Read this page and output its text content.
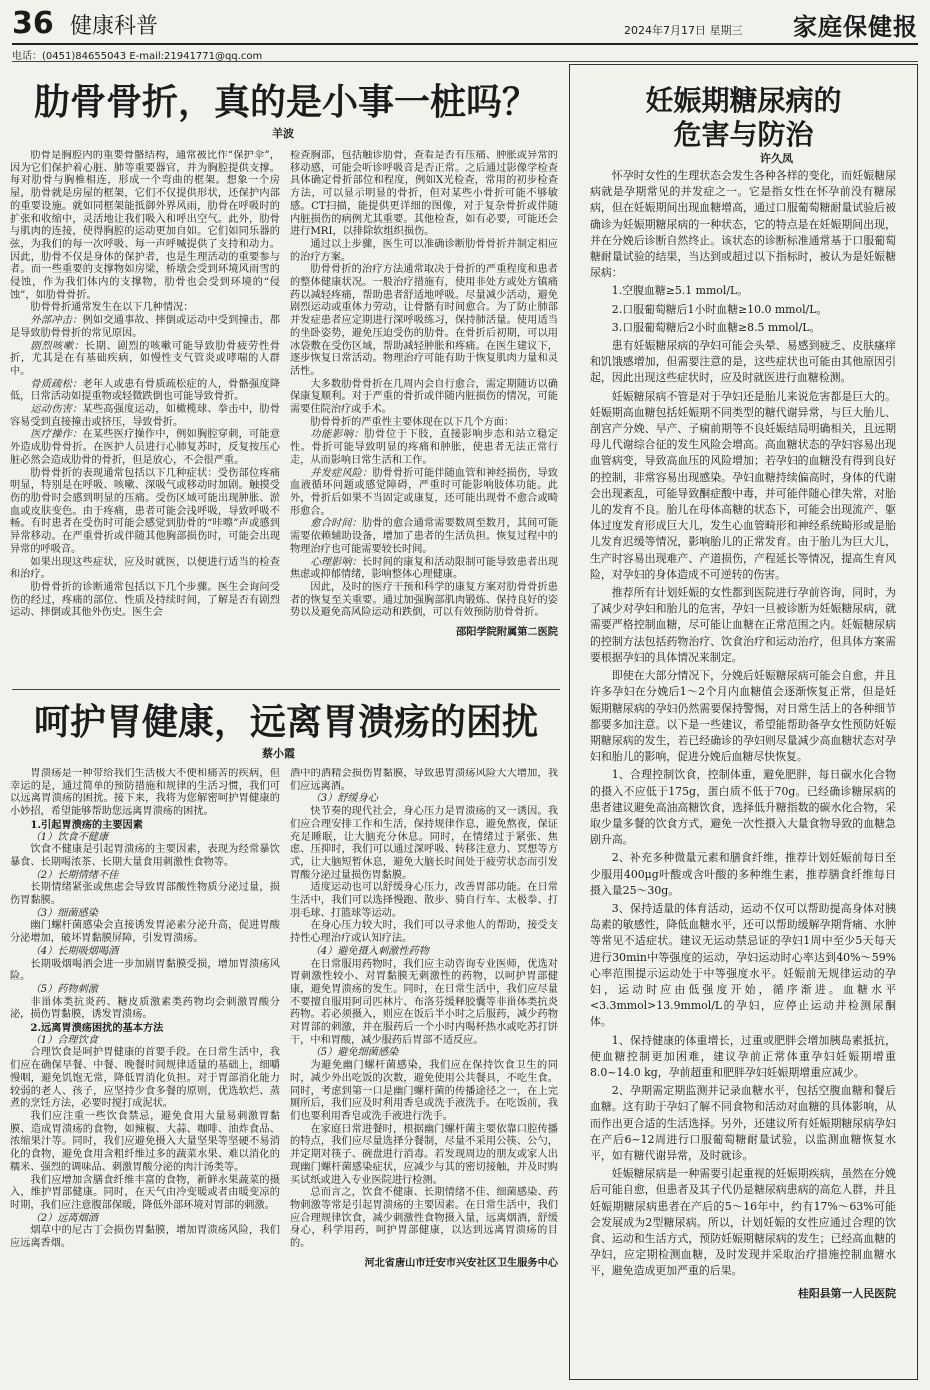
36 健康科普	2024年7月17日 星期三 家庭保健报
电话：(0451)84655043 E-mail:21941771@qq.com
肋骨骨折，真的是小事一桩吗？
羊波

肋骨是胸腔内的重要骨骼结构，通常被比作“保护伞”，因为它们保护着心脏、肺等重要器官，并为胸腔提供支撑。每对肋骨与胸椎相连，形成一个弯曲的框架。想象一个房屋，肋骨就是房屋的框架，它们不仅提供形状，还保护内部的重要设施。就如同框架能抵御外界风雨，肋骨在呼吸时的扩张和收缩中，灵活地让我们吸入和呼出空气。此外，肋骨与肌肉的连接，使得胸腔的运动更加自如。它们如同乐器的弦，为我们的每一次呼吸、每一声呼喊提供了支持和动力。因此，肋骨不仅是身体的保护者，也是生理活动的重要参与者。而一些重要的支撑物如房梁，桥墩会受到环境风雨雪的侵蚀，作为我们体内的支撑物，肋骨也会受到环境的“侵蚀”，如肋骨骨折。

肋骨骨折通常发生在以下几种情况：

外部冲击：例如交通事故、摔倒或运动中受到撞击，都是导致肋骨骨折的常见原因。

剧烈咳嗽：长期、剧烈的咳嗽可能导致肋骨疲劳性骨折，尤其是在有基础疾病，如慢性支气管炎或哮喘的人群中。

骨质疏松：老年人或患有骨质疏松症的人，骨骼强度降低，日常活动如提重物或轻微跌倒也可能导致骨折。

运动伤害：某些高强度运动，如橄榄球、拳击中，肋骨容易受到直接撞击或挤压，导致骨折。

医疗操作：在某些医疗操作中，例如胸腔穿刺，可能意外造成肋骨骨折。在医护人员进行心肺复苏时，反复按压心脏必然会造成肋骨的骨折，但是放心，不会很严重。

肋骨骨折的表现通常包括以下几种症状：受伤部位疼痛明显，特别是在呼吸、咳嗽、深吸气或移动时加剧。触摸受伤的肋骨时会感到明显的压痛。受伤区域可能出现肿胀、淤血或皮肤变色。由于疼痛，患者可能会浅呼吸，导致呼吸不畅。有时患者在受伤时可能会感觉到肋骨的“咔嚓”声或感到异常移动。在严重骨折或伴随其他胸部损伤时，可能会出现异常的呼吸音。

如果出现这些症状，应及时就医，以便进行适当的检查和治疗。

肋骨骨折的诊断通常包括以下几个步骤。医生会询问受伤的经过，疼痛的部位、性质及持续时间，了解是否有剧烈运动、摔倒或其他外伤史。医生会

检查胸部，包括触诊肋骨，查看是否有压痛、肿胀或异常的移动感，可能会听诊呼吸音是否正常。之后通过影像学检查具体确定骨折部位和程度，例如X光检查，常用的初步检查方法，可以显示明显的骨折，但对某些小骨折可能不够敏感。CT扫描，能提供更详细的图像，对于复杂骨折或伴随内脏损伤的病例尤其重要。其他检查，如有必要，可能还会进行MRI，以排除软组织损伤。

通过以上步骤，医生可以准确诊断肋骨骨折并制定相应的治疗方案。

肋骨骨折的治疗方法通常取决于骨折的严重程度和患者的整体健康状况。一般治疗措施有，使用非处方或处方镇痛药以减轻疼痛，帮助患者舒适地呼吸。尽量减少活动，避免剧烈运动或重体力劳动，让骨骼有时间愈合。为了防止肺部并发症患者应定期进行深呼吸练习，保持肺活量。使用适当的坐卧姿势，避免压迫受伤的肋骨。在骨折后初期，可以用冰袋敷在受伤区域，帮助减轻肿胀和疼痛。在医生建议下，逐步恢复日常活动。物理治疗可能有助于恢复肌肉力量和灵活性。

大多数肋骨骨折在几周内会自行愈合，需定期随访以确保康复顺利。对于严重的骨折或伴随内脏损伤的情况，可能需要住院治疗或手术。

肋骨骨折的严重性主要体现在以下几个方面：

功能影响：肋骨位于下肢，直接影响步态和站立稳定性。骨折可能导致明显的疼痛和肿胀，使患者无法正常行走，从而影响日常生活和工作。

并发症风险：肋骨骨折可能伴随血管和神经损伤，导致血液循环问题或感觉障碍，严重时可能影响肢体功能。此外，骨折后如果不当固定或康复，还可能出现骨不愈合或畸形愈合。

愈合时间：肋骨的愈合通常需要数周至数月，其间可能需要依赖辅助设备，增加了患者的生活负担。恢复过程中的物理治疗也可能需要较长时间。

心理影响：长时间的康复和活动限制可能导致患者出现焦虑或抑郁情绪，影响整体心理健康。

因此，及时的医疗干预和科学的康复方案对肋骨骨折患者的恢复至关重要。通过加强胸部肌肉锻炼、保持良好的姿势以及避免高风险运动和跌倒，可以有效预防肋骨骨折。

邵阳学院附属第二医院

呵护胃健康，远离胃溃疡的困扰
蔡小霞

胃溃疡是一种带给我们生活极大不便和痛苦的疾病，但幸运的是，通过简单的预防措施和规律的生活习惯，我们可以远离胃溃疡的困扰。接下来，我将为您解密呵护胃健康的小妙招，希望能够帮助您远离胃溃疡的困扰。

1.引起胃溃疡的主要因素

（1）饮食不健康

饮食不健康是引起胃溃疡的主要因素，表现为经常暴饮暴食、长期喝浓茶、长期大量食用刺激性食物等。

（2）长期情绪不佳

长期情绪紧张或焦虑会导致胃部酸性物质分泌过量，损伤胃黏膜。

（3）细菌感染

幽门螺杆菌感染会直接诱发胃泌素分泌升高，促进胃酸分泌增加，破坏胃黏膜屏障，引发胃溃疡。

（4）长期吸烟喝酒

长期吸烟喝酒会进一步加剧胃黏膜受损，增加胃溃疡风险。

（5）药物刺激

非甾体类抗炎药、糖皮质激素类药物均会刺激胃酸分泌，损伤胃黏膜，诱发胃溃疡。

2.远离胃溃疡困扰的基本方法

（1）合理饮食

合理饮食是呵护胃健康的首要手段。在日常生活中，我们应在确保早餐、中餐、晚餐时间规律适量的基础上，细嚼慢咽，避免饥饱无常，降低胃消化负担。对于胃部消化能力较弱的老人、孩子，应坚持少食多餐的原则，优选软烂、蒸煮的烹饪方法，必要时搅打成泥状。

我们应注重一些饮食禁忌，避免食用大量易刺激胃黏膜、造成胃溃疡的食物，如辣椒、大蒜、咖啡、油炸食品、浓缩果汁等。同时，我们应避免摄入大量坚果等坚硬不易消化的食物，避免食用含粗纤维过多的蔬菜水果、难以消化的糯米、强烈的调味品、刺激胃酸分泌的肉汁汤类等。

我们应增加含膳食纤维丰富的食物，新鲜水果蔬菜的摄入，维护胃部健康。同时，在天气由冷变暖或者由暖变凉的时期，我们应注意腹部保暖，降低外部环境对胃部的刺激。

（2）远离烟酒

烟草中的尼古丁会损伤胃黏膜，增加胃溃疡风险，我们应远离香烟。

酒中的酒精会损伤胃黏膜，导致患胃溃疡风险大大增加，我们应远离酒。

（3）舒缓身心

快节奏的现代社会，身心压力是胃溃疡的又一诱因。我们应合理安排工作和生活，保持规律作息，避免熬夜，保证充足睡眠，让大脑充分休息。同时，在情绪过于紧张、焦虑、压抑时，我们可以通过深呼吸、转移注意力、冥想等方式，让大脑短暂休息，避免大脑长时间处于疲劳状态而引发胃酸分泌过量损伤胃黏膜。

适度运动也可以舒缓身心压力，改善胃部功能。在日常生活中，我们可以选择慢跑、散步、骑自行车、太极拳、打羽毛球、打篮球等运动。

在身心压力较大时，我们可以寻求他人的帮助，接受支持性心理治疗或认知疗法。

（4）避免摄入刺激性药物

在日常服用药物时，我们应主动咨询专业医师，优选对胃刺激性较小、对胃黏膜无刺激性的药物，以呵护胃部健康，避免胃溃疡的发生。同时，在日常生活中，我们应尽量不要擅自服用阿司匹林片、布洛芬缓释胶囊等非甾体类抗炎药物。若必须摄入，则应在饭后半小时之后服药，减少药物对胃部的刺激，并在服药后一个小时内喝杯热水或吃苏打饼干，中和胃酸，减少服药后胃部不适反应。

（5）避免细菌感染

为避免幽门螺杆菌感染，我们应在保持饮食卫生的同时，减少外出吃饭的次数，避免使用公共餐具，不吃生食。同时，考虑到第一口是幽门螺杆菌的传播途径之一，在上完厕所后，我们应及时利用香皂或洗手液洗手。在吃饭前，我们也要利用香皂或洗手液进行洗手。

在家庭日常进餐时，根据幽门螺杆菌主要依靠口腔传播的特点，我们应尽量选择分餐制，尽量不采用公筷、公勺，并定期对筷子、碗盘进行消毒。若发现周边的朋友或家人出现幽门螺杆菌感染症状，应减少与其的密切接触，并及时购买试纸或进入专业医院进行检测。

总而言之，饮食不健康、长期情绪不佳、细菌感染、药物刺激等常是引起胃溃疡的主要因素。在日常生活中，我们应合理规律饮食，减少刺激性食物摄入量，远离烟酒，舒缓身心，科学用药，呵护胃部健康，以达到远离胃溃疡的目的。

河北省唐山市迁安市兴安社区卫生服务中心

妊娠期糖尿病的
危害与防治
许久凤

怀孕时女性的生理状态会发生各种各样的变化，而妊娠糖尿病就是孕期常见的并发症之一。它是指女性在怀孕前没有糖尿病，但在妊娠期间出现血糖增高，通过口服葡萄糖耐量试验后被确诊为妊娠期糖尿病的一种状态，它的特点是在妊娠期间出现，并在分娩后诊断自然终止。该状态的诊断标准通常基于口服葡萄糖耐量试验的结果，当达到或超过以下指标时，被认为是妊娠糖尿病：

1.空腹血糖≥5.1 mmol/L。

2.口服葡萄糖后1小时血糖≥10.0 mmol/L。

3.口服葡萄糖后2小时血糖≥8.5 mmol/L。

患有妊娠糖尿病的孕妇可能会头晕、易感到疲乏、皮肤瘙痒和饥饿感增加，但需要注意的是，这些症状也可能由其他原因引起，因此出现这些症状时，应及时就医进行血糖检测。

妊娠糖尿病不管是对于孕妇还是胎儿来说危害都是巨大的。妊娠期高血糖包括妊娠期不同类型的糖代谢异常，与巨大胎儿、剖宫产分娩、早产、子痫前期等不良妊娠结局明确相关，且远期母儿代谢综合征的发生风险会增高。高血糖状态的孕妇容易出现血管病变，导致高血压的风险增加；若孕妇的血糖没有得到良好的控制，非常容易出现感染。孕妇血糖持续偏高时，身体的代谢会出现紊乱，可能导致酮症酸中毒，并可能伴随心律失常，对胎儿的发育不良。胎儿在母体高糖的状态下，可能会出现流产、躯体过度发育形成巨大儿，发生心血管畸形和神经系统畸形或是胎儿发育迟缓等情况，影响胎儿的正常发育。由于胎儿为巨大儿，生产时容易出现难产、产道损伤，产程延长等情况，提高生育风险，对孕妇的身体造成不可逆转的伤害。

推荐所有计划妊娠的女性都到医院进行孕前咨询，同时，为了减少对孕妇和胎儿的危害，孕妇一旦被诊断为妊娠糖尿病，就需要严格控制血糖，尽可能让血糖在正常范围之内。妊娠糖尿病的控制方法包括药物治疗、饮食治疗和运动治疗，但具体方案需要根据孕妇的具体情况来制定。

即使在大部分情况下，分娩后妊娠糖尿病可能会自愈，并且许多孕妇在分娩后1～2个月内血糖值会逐渐恢复正常，但是妊娠期糖尿病的孕妇仍然需要保持警惕，对日常生活上的各种细节都要多加注意。以下是一些建议，希望能帮助备孕女性预防妊娠期糖尿病的发生，若已经确诊的孕妇则尽量减少高血糖状态对孕妇和胎儿的影响，促进分娩后血糖尽快恢复。

1、合理控制饮食，控制体重，避免肥胖，每日碳水化合物的摄入不应低于175g，蛋白质不低于70g。已经确诊糖尿病的患者建议避免高油高糖饮食，选择低升糖指数的碳水化合物，采取少量多餐的饮食方式，避免一次性摄入大量食物导致的血糖急剧升高。

2、补充多种微量元素和膳食纤维，推荐计划妊娠前每日至少服用400μg叶酸或含叶酸的多种维生素，推荐膳食纤维每日摄入量25～30g。

3、保持适量的体育活动，运动不仅可以帮助提高身体对胰岛素的敏感性，降低血糖水平，还可以帮助缓解孕期背痛、水肿等常见不适症状。建议无运动禁忌证的孕妇1周中至少5天每天进行30min中等强度的运动，孕妇运动时心率达到40%～59%心率范围提示运动处于中等强度水平。妊娠前无规律运动的孕妇，运动时应由低强度开始，循序渐进。血糖水平<3.3mmol>13.9mmol/L的孕妇，应停止运动并检测尿酮体。

1、保持健康的体重增长，过重或肥胖会增加胰岛素抵抗，使血糖控制更加困难，建议孕前正常体重孕妇妊娠期增重8.0~14.0 kg，孕前超重和肥胖孕妇妊娠期增重应减少。

2、孕期需定期监测并记录血糖水平，包括空腹血糖和餐后血糖。这有助于孕妇了解不同食物和活动对血糖的具体影响，从而作出更合适的生活选择。另外，还建议所有妊娠期糖尿病孕妇在产后6~12周进行口服葡萄糖耐量试验，以监测血糖恢复水平，如有糖代谢异常，及时就诊。

妊娠糖尿病是一种需要引起重视的妊娠期疾病，虽然在分娩后可能自愈，但患者及其子代仍是糖尿病患病的高危人群，并且妊娠期糖尿病患者在产后的5～16年中，约有17%～63%可能会发展成为2型糖尿病。所以，计划妊娠的女性应通过合理的饮食、运动和生活方式，预防妊娠期糖尿病的发生；已经高血糖的孕妇，应定期检测血糖，及时发现并采取治疗措施控制血糖水平，避免造成更加严重的后果。

桂阳县第一人民医院
